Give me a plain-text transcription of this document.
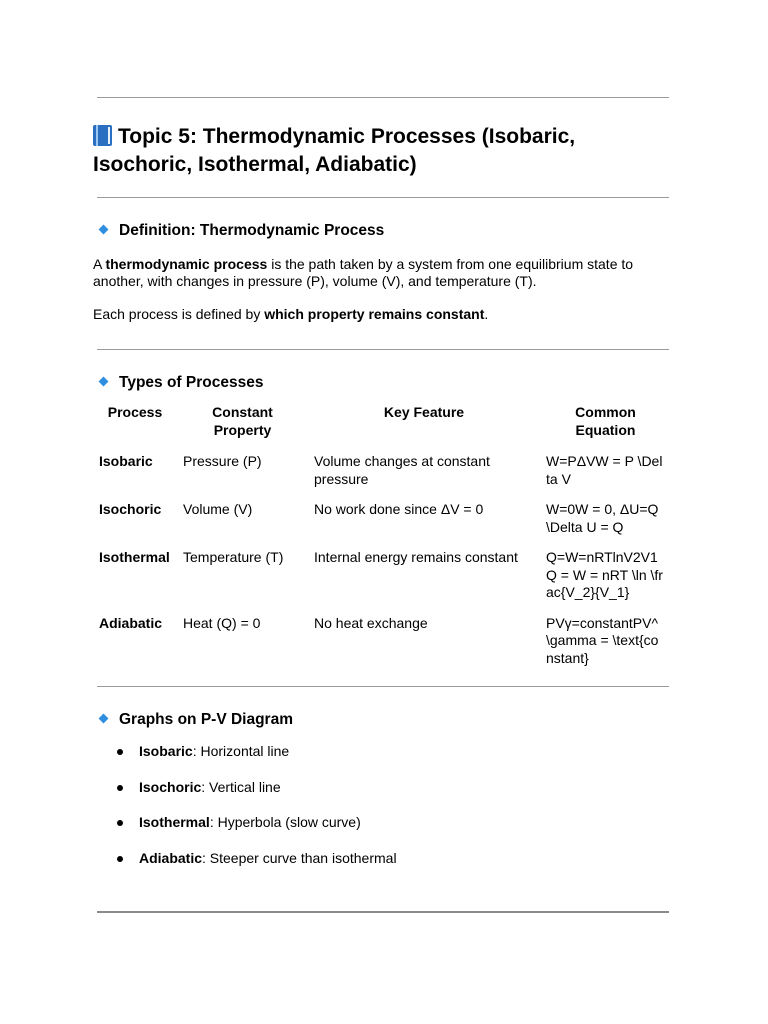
Topic 5: Thermodynamic Processes (Isobaric, Isochoric, Isothermal, Adiabatic)
Definition: Thermodynamic Process

A thermodynamic process is the path taken by a system from one equilibrium state to another, with changes in pressure (P), volume (V), and temperature (T).

Each process is defined by which property remains constant.

Types of Processes
Process	Constant Property	Key Feature	Common Equation
Isobaric	Pressure (P)	Volume changes at constant pressure	W=PΔVW = P \Delta V
Isochoric	Volume (V)	No work done since ΔV = 0	W=0W = 0, ΔU=Q\Delta U = Q
Isothermal	Temperature (T)	Internal energy remains constant	Q=W=nRTlnV2V1 Q = W = nRT \ln \frac{V_2}{V_1}
Adiabatic	Heat (Q) = 0	No heat exchange	PVγ=constantPV^\gamma = \text{constant}
Graphs on P-V Diagram
Isobaric: Horizontal line
Isochoric: Vertical line
Isothermal: Hyperbola (slow curve)
Adiabatic: Steeper curve than isothermal
